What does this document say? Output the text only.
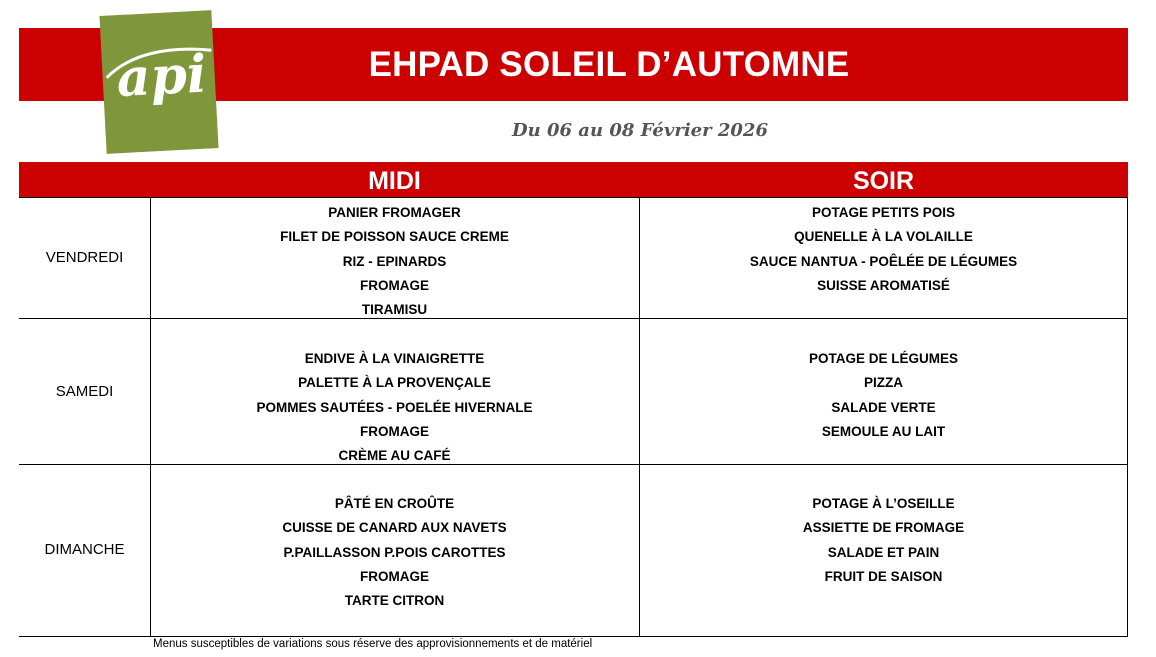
EHPAD SOLEIL D’AUTOMNE
api
Du 06 au 08 Février 2026
MIDI	SOIR
VENDREDI
PANIER FROMAGER
FILET DE POISSON SAUCE CREME
RIZ - EPINARDS
FROMAGE
TIRAMISU
POTAGE PETITS POIS
QUENELLE À LA VOLAILLE
SAUCE NANTUA - POÊLÉE DE LÉGUMES
SUISSE AROMATISÉ
SAMEDI
ENDIVE À LA VINAIGRETTE
PALETTE À LA PROVENÇALE
POMMES SAUTÉES - POELÉE HIVERNALE
FROMAGE
CRÈME AU CAFÉ
POTAGE DE LÉGUMES
PIZZA
SALADE VERTE
SEMOULE AU LAIT
DIMANCHE
PÂTÉ EN CROÛTE
CUISSE DE CANARD AUX NAVETS
P.PAILLASSON P.POIS CAROTTES
FROMAGE
TARTE CITRON
POTAGE À L’OSEILLE
ASSIETTE DE FROMAGE
SALADE ET PAIN
FRUIT DE SAISON
Menus susceptibles de variations sous réserve des approvisionnements et de matériel
